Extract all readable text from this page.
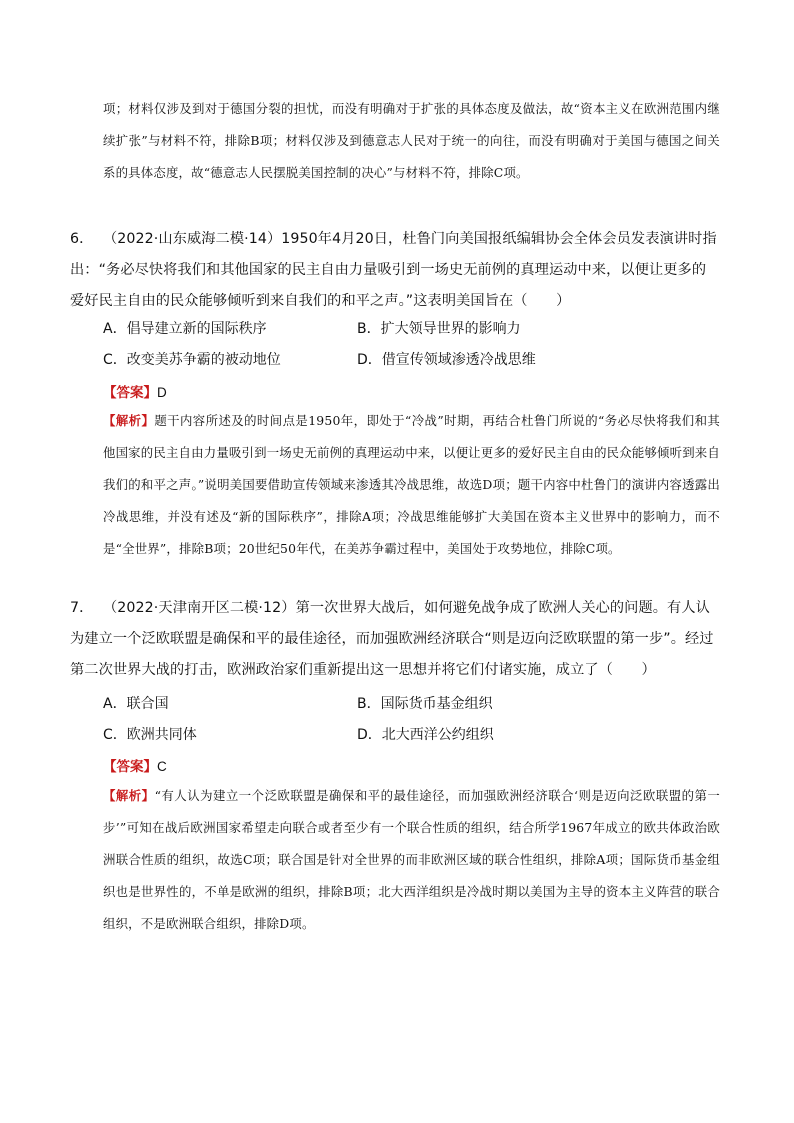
项；材料仅涉及到对于德国分裂的担忧，而没有明确对于扩张的具体态度及做法，故“资本主义在欧洲范围内继续扩张”与材料不符，排除B项；材料仅涉及到德意志人民对于统一的向往，而没有明确对于美国与德国之间关系的具体态度，故“德意志人民摆脱美国控制的决心”与材料不符，排除C项。

6． （2022·山东威海二模·14）1950年4月20日，杜鲁门向美国报纸编辑协会全体会员发表演讲时指出：“务必尽快将我们和其他国家的民主自由力量吸引到一场史无前例的真理运动中来，以便让更多的爱好民主自由的民众能够倾听到来自我们的和平之声。”这表明美国旨在（　　）

A．倡导建立新的国际秩序	B．扩大领导世界的影响力
C．改变美苏争霸的被动地位	D．借宣传领域渗透冷战思维
【答案】D

【解析】题干内容所述及的时间点是1950年，即处于“冷战”时期，再结合杜鲁门所说的“务必尽快将我们和其他国家的民主自由力量吸引到一场史无前例的真理运动中来，以便让更多的爱好民主自由的民众能够倾听到来自我们的和平之声。”说明美国要借助宣传领域来渗透其冷战思维，故选D项；题干内容中杜鲁门的演讲内容透露出冷战思维，并没有述及“新的国际秩序”，排除A项；冷战思维能够扩大美国在资本主义世界中的影响力，而不是“全世界”，排除B项；20世纪50年代，在美苏争霸过程中，美国处于攻势地位，排除C项。

7． （2022·天津南开区二模·12）第一次世界大战后，如何避免战争成了欧洲人关心的问题。有人认为建立一个泛欧联盟是确保和平的最佳途径，而加强欧洲经济联合“则是迈向泛欧联盟的第一步”。经过第二次世界大战的打击，欧洲政治家们重新提出这一思想并将它们付诸实施，成立了（　　）

A．联合国	B．国际货币基金组织
C．欧洲共同体	D．北大西洋公约组织
【答案】C

【解析】“有人认为建立一个泛欧联盟是确保和平的最佳途径，而加强欧洲经济联合‘则是迈向泛欧联盟的第一步’”可知在战后欧洲国家希望走向联合或者至少有一个联合性质的组织，结合所学1967年成立的欧共体政治欧洲联合性质的组织，故选C项；联合国是针对全世界的而非欧洲区域的联合性组织，排除A项；国际货币基金组织也是世界性的，不单是欧洲的组织，排除B项；北大西洋组织是冷战时期以美国为主导的资本主义阵营的联合组织，不是欧洲联合组织，排除D项。
